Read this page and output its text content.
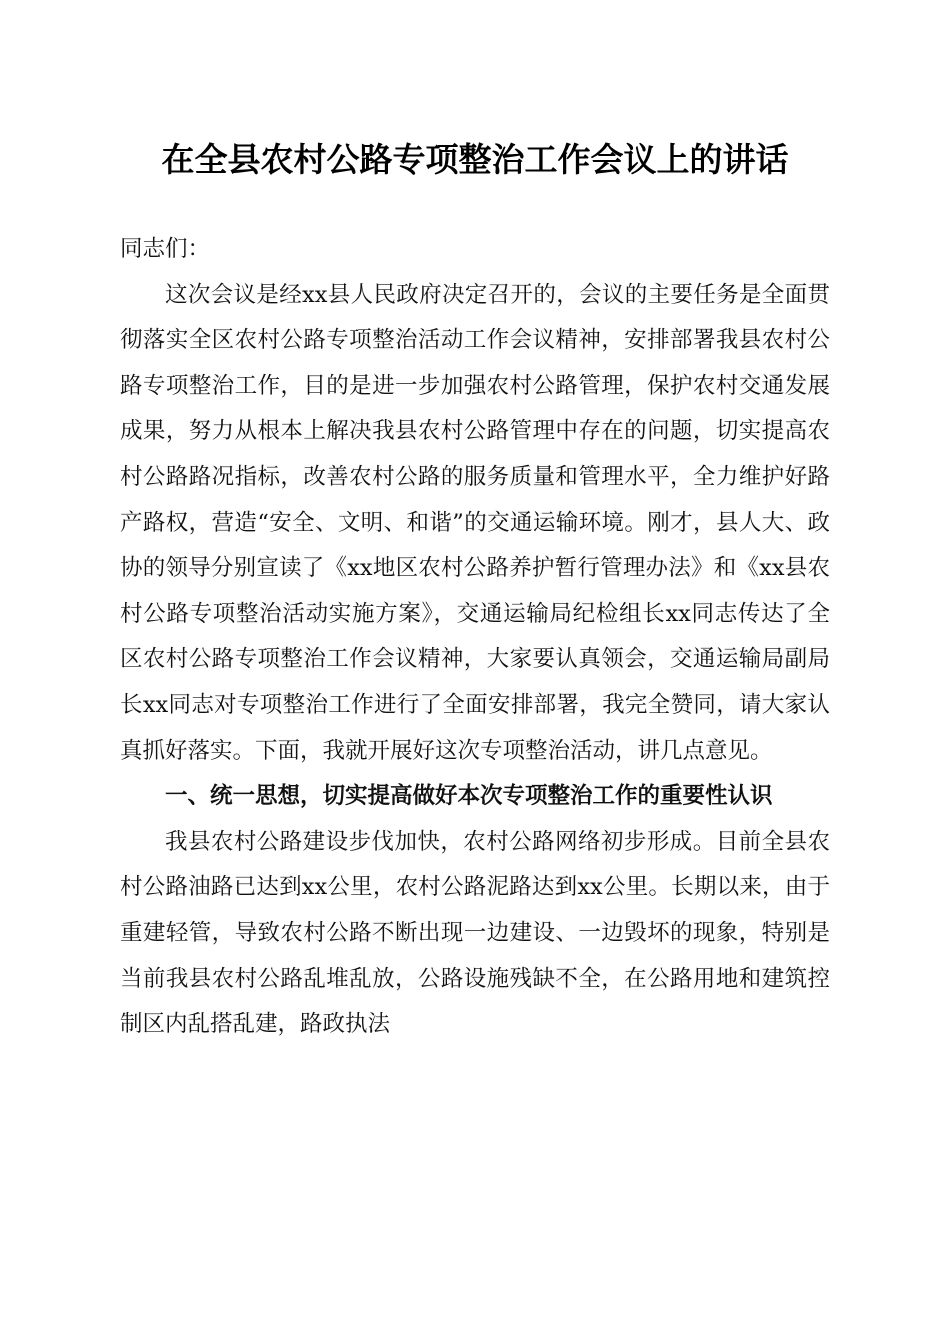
在全县农村公路专项整治工作会议上的讲话

同志们：

这次会议是经xx县人民政府决定召开的，会议的主要任务是全面贯彻落实全区农村公路专项整治活动工作会议精神，安排部署我县农村公路专项整治工作，目的是进一步加强农村公路管理，保护农村交通发展成果，努力从根本上解决我县农村公路管理中存在的问题，切实提高农村公路路况指标，改善农村公路的服务质量和管理水平，全力维护好路产路权，营造“安全、文明、和谐”的交通运输环境。刚才，县人大、政协的领导分别宣读了《xx地区农村公路养护暂行管理办法》和《xx县农村公路专项整治活动实施方案》，交通运输局纪检组长xx同志传达了全区农村公路专项整治工作会议精神，大家要认真领会，交通运输局副局长xx同志对专项整治工作进行了全面安排部署，我完全赞同，请大家认真抓好落实。下面，我就开展好这次专项整治活动，讲几点意见。

一、统一思想，切实提高做好本次专项整治工作的重要性认识

我县农村公路建设步伐加快，农村公路网络初步形成。目前全县农村公路油路已达到xx公里，农村公路泥路达到xx公里。长期以来，由于重建轻管，导致农村公路不断出现一边建设、一边毁坏的现象，特别是当前我县农村公路乱堆乱放，公路设施残缺不全，在公路用地和建筑控制区内乱搭乱建，路政执法
